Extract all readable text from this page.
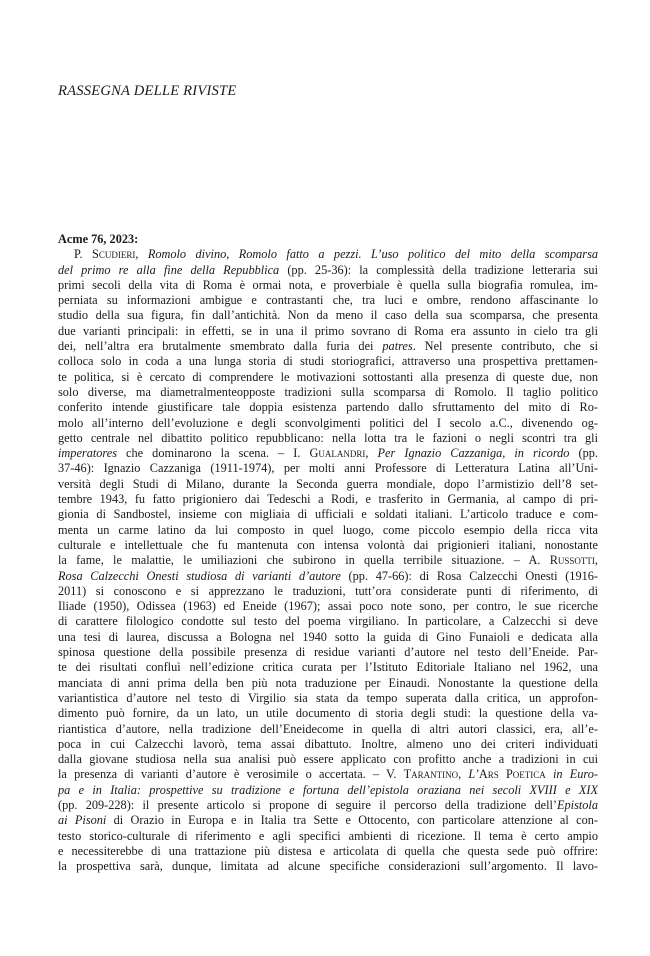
RASSEGNA DELLE RIVISTE
Acme 76, 2023:
P. Scudieri, Romolo divino, Romolo fatto a pezzi. L’uso politico del mito della scomparsa
del primo re alla fine della Repubblica (pp. 25-36): la complessità della tradizione letteraria sui
primi secoli della vita di Roma è ormai nota, e proverbiale è quella sulla biografia romulea, im-
perniata su informazioni ambigue e contrastanti che, tra luci e ombre, rendono affascinante lo
studio della sua figura, fin dall’antichità. Non da meno il caso della sua scomparsa, che presenta
due varianti principali: in effetti, se in una il primo sovrano di Roma era assunto in cielo tra gli
dei, nell’altra era brutalmente smembrato dalla furia dei patres. Nel presente contributo, che si
colloca solo in coda a una lunga storia di studi storiografici, attraverso una prospettiva prettamen-
te politica, si è cercato di comprendere le motivazioni sottostanti alla presenza di queste due, non
solo diverse, ma diametralmenteopposte tradizioni sulla scomparsa di Romolo. Il taglio politico
conferito intende giustificare tale doppia esistenza partendo dallo sfruttamento del mito di Ro-
molo all’interno dell’evoluzione e degli sconvolgimenti politici del I secolo a.C., divenendo og-
getto centrale nel dibattito politico repubblicano: nella lotta tra le fazioni o negli scontri tra gli
imperatores che dominarono la scena. – I. Gualandri, Per Ignazio Cazzaniga, in ricordo (pp.
37-46): Ignazio Cazzaniga (1911-1974), per molti anni Professore di Letteratura Latina all’Uni-
versità degli Studi di Milano, durante la Seconda guerra mondiale, dopo l’armistizio dell’8 set-
tembre 1943, fu fatto prigioniero dai Tedeschi a Rodi, e trasferito in Germania, al campo di pri-
gionia di Sandbostel, insieme con migliaia di ufficiali e soldati italiani. L’articolo traduce e com-
menta un carme latino da lui composto in quel luogo, come piccolo esempio della ricca vita
culturale e intellettuale che fu mantenuta con intensa volontà dai prigionieri italiani, nonostante
la fame, le malattie, le umiliazioni che subirono in quella terribile situazione. – A. Russotti,
Rosa Calzecchi Onesti studiosa di varianti d’autore (pp. 47-66): di Rosa Calzecchi Onesti (1916-
2011) si conoscono e si apprezzano le traduzioni, tutt’ora considerate punti di riferimento, di
Iliade (1950), Odissea (1963) ed Eneide (1967); assai poco note sono, per contro, le sue ricerche
di carattere filologico condotte sul testo del poema virgiliano. In particolare, a Calzecchi si deve
una tesi di laurea, discussa a Bologna nel 1940 sotto la guida di Gino Funaioli e dedicata alla
spinosa questione della possibile presenza di residue varianti d’autore nel testo dell’Eneide. Par-
te dei risultati confluì nell’edizione critica curata per l’Istituto Editoriale Italiano nel 1962, una
manciata di anni prima della ben più nota traduzione per Einaudi. Nonostante la questione della
variantistica d’autore nel testo di Virgilio sia stata da tempo superata dalla critica, un approfon-
dimento può fornire, da un lato, un utile documento di storia degli studi: la questione della va-
riantistica d’autore, nella tradizione dell’Eneidecome in quella di altri autori classici, era, all’e-
poca in cui Calzecchi lavorò, tema assai dibattuto. Inoltre, almeno uno dei criteri individuati
dalla giovane studiosa nella sua analisi può essere applicato con profitto anche a tradizioni in cui
la presenza di varianti d’autore è verosimile o accertata. – V. Tarantino, L’Ars Poetica in Euro-
pa e in Italia: prospettive su tradizione e fortuna dell’epistola oraziana nei secoli XVIII e XIX
(pp. 209-228): il presente articolo si propone di seguire il percorso della tradizione dell’Epistola
ai Pisoni di Orazio in Europa e in Italia tra Sette e Ottocento, con particolare attenzione al con-
testo storico-culturale di riferimento e agli specifici ambienti di ricezione. Il tema è certo ampio
e necessiterebbe di una trattazione più distesa e articolata di quella che questa sede può offrire:
la prospettiva sarà, dunque, limitata ad alcune specifiche considerazioni sull’argomento. Il lavo-
